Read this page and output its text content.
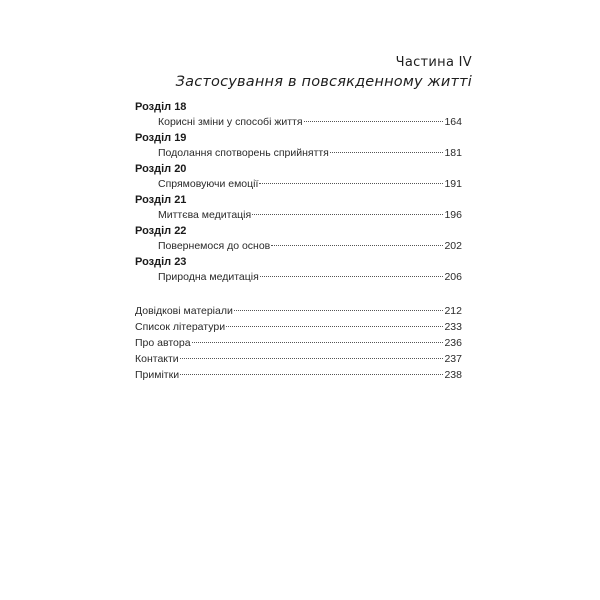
Частина IV
Застосування в повсякденному житті
Розділ 18
Корисні зміни у способі життя	164
Розділ 19
Подолання спотворень сприйняття	181
Розділ 20
Спрямовуючи емоції	191
Розділ 21
Миттєва медитація	196
Розділ 22
Повернемося до основ	202
Розділ 23
Природна медитація	206
Довідкові матеріали	212
Список літератури	233
Про автора	236
Контакти	237
Примітки	238
